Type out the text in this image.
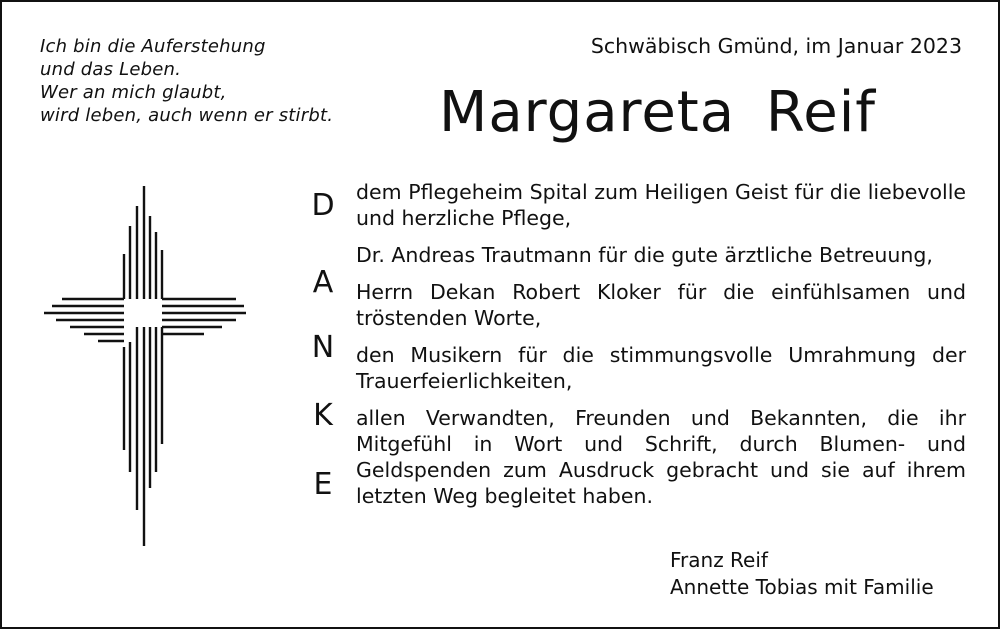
Ich bin die Auferstehung
und das Leben.
Wer an mich glaubt,
wird leben, auch wenn er stirbt.
Schwäbisch Gmünd, im Januar 2023
Margareta Reif
D
A
N
K
E

dem Pflegeheim Spital zum Heiligen Geist für die liebevolle und herzliche Pflege,

Dr. Andreas Trautmann für die gute ärztliche Betreuung,

Herrn Dekan Robert Kloker für die einfühlsamen und tröstenden Worte,

den Musikern für die stimmungsvolle Umrahmung der Trauerfeierlichkeiten,

allen Verwandten, Freunden und Bekannten, die ihr Mitgefühl in Wort und Schrift, durch Blumen- und Geldspenden zum Ausdruck gebracht und sie auf ihrem letzten Weg begleitet haben.

Franz Reif
Annette Tobias mit Familie
